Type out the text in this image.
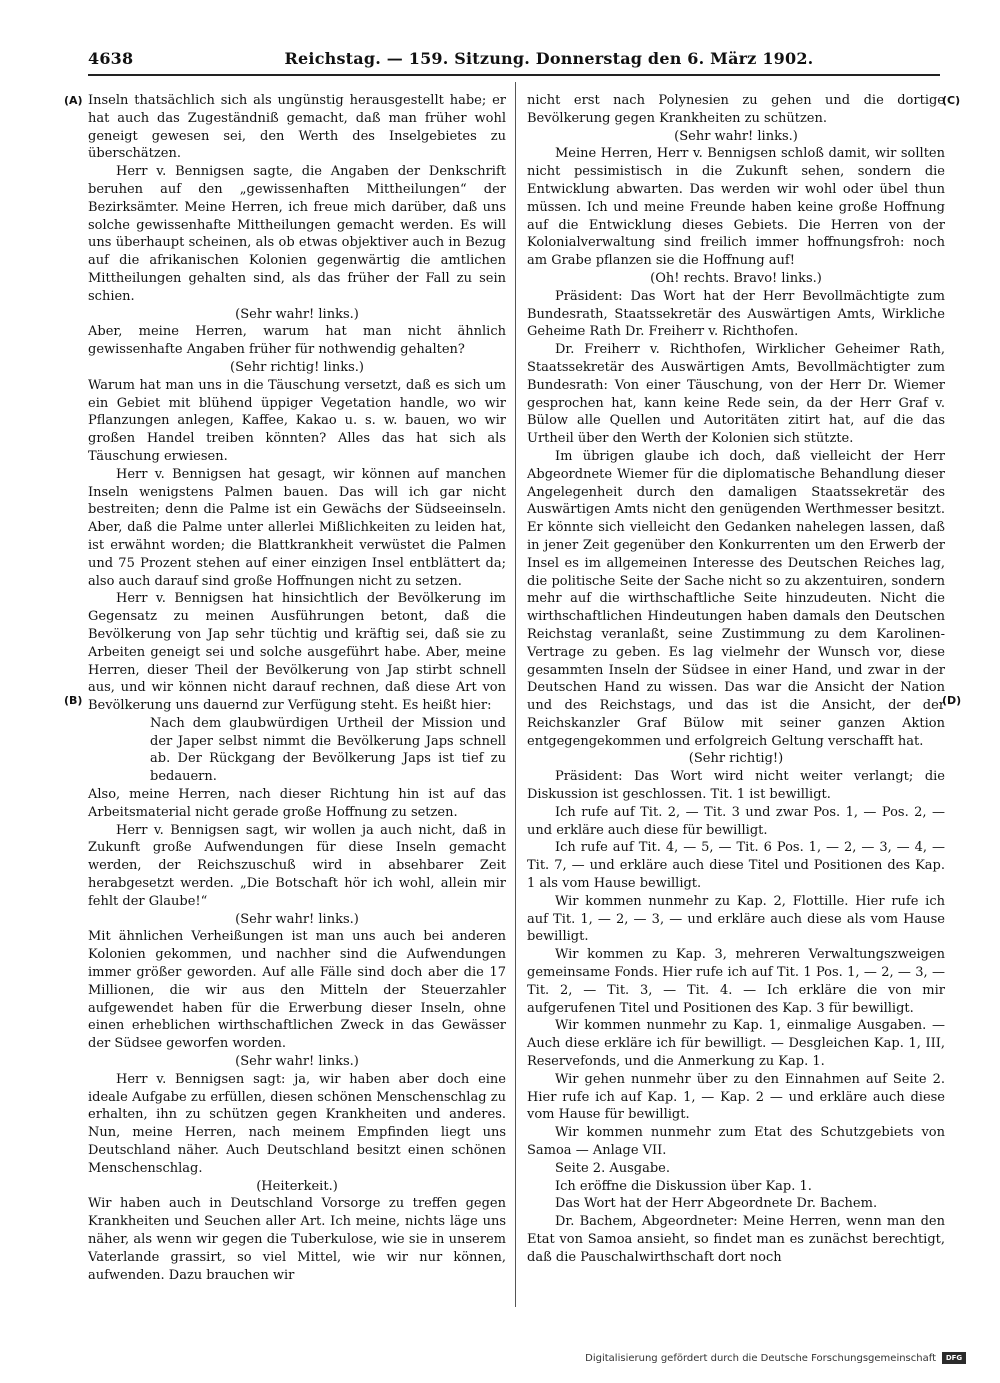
4638	Reichstag. — 159. Sitzung. Donnerstag den 6. März 1902.
(A)
(B)
(C)
(D)

Inseln thatsächlich sich als ungünstig herausgestellt habe; er hat auch das Zugeständniß gemacht, daß man früher wohl geneigt gewesen sei, den Werth des Inselgebietes zu überschätzen.

Herr v. Bennigsen sagte, die Angaben der Denkschrift beruhen auf den „gewissenhaften Mittheilungen“ der Bezirksämter. Meine Herren, ich freue mich darüber, daß uns solche gewissenhafte Mittheilungen gemacht werden. Es will uns überhaupt scheinen, als ob etwas objektiver auch in Bezug auf die afrikanischen Kolonien gegenwärtig die amtlichen Mittheilungen gehalten sind, als das früher der Fall zu sein schien.

(Sehr wahr! links.)

Aber, meine Herren, warum hat man nicht ähnlich gewissenhafte Angaben früher für nothwendig gehalten?

(Sehr richtig! links.)

Warum hat man uns in die Täuschung versetzt, daß es sich um ein Gebiet mit blühend üppiger Vegetation handle, wo wir Pflanzungen anlegen, Kaffee, Kakao u. s. w. bauen, wo wir großen Handel treiben könnten? Alles das hat sich als Täuschung erwiesen.

Herr v. Bennigsen hat gesagt, wir können auf manchen Inseln wenigstens Palmen bauen. Das will ich gar nicht bestreiten; denn die Palme ist ein Gewächs der Südseeinseln. Aber, daß die Palme unter allerlei Mißlichkeiten zu leiden hat, ist erwähnt worden; die Blattkrankheit verwüstet die Palmen und 75 Prozent stehen auf einer einzigen Insel entblättert da; also auch darauf sind große Hoffnungen nicht zu setzen.

Herr v. Bennigsen hat hinsichtlich der Bevölkerung im Gegensatz zu meinen Ausführungen betont, daß die Bevölkerung von Jap sehr tüchtig und kräftig sei, daß sie zu Arbeiten geneigt sei und solche ausgeführt habe. Aber, meine Herren, dieser Theil der Bevölkerung von Jap stirbt schnell aus, und wir können nicht darauf rechnen, daß diese Art von Bevölkerung uns dauernd zur Verfügung steht. Es heißt hier:

Nach dem glaubwürdigen Urtheil der Mission und der Japer selbst nimmt die Bevölkerung Japs schnell ab. Der Rückgang der Bevölkerung Japs ist tief zu bedauern.

Also, meine Herren, nach dieser Richtung hin ist auf das Arbeitsmaterial nicht gerade große Hoffnung zu setzen.

Herr v. Bennigsen sagt, wir wollen ja auch nicht, daß in Zukunft große Aufwendungen für diese Inseln gemacht werden, der Reichszuschuß wird in absehbarer Zeit herabgesetzt werden. „Die Botschaft hör ich wohl, allein mir fehlt der Glaube!“

(Sehr wahr! links.)

Mit ähnlichen Verheißungen ist man uns auch bei anderen Kolonien gekommen, und nachher sind die Aufwendungen immer größer geworden. Auf alle Fälle sind doch aber die 17 Millionen, die wir aus den Mitteln der Steuerzahler aufgewendet haben für die Erwerbung dieser Inseln, ohne einen erheblichen wirthschaftlichen Zweck in das Gewässer der Südsee geworfen worden.

(Sehr wahr! links.)

Herr v. Bennigsen sagt: ja, wir haben aber doch eine ideale Aufgabe zu erfüllen, diesen schönen Menschenschlag zu erhalten, ihn zu schützen gegen Krankheiten und anderes. Nun, meine Herren, nach meinem Empfinden liegt uns Deutschland näher. Auch Deutschland besitzt einen schönen Menschenschlag.

(Heiterkeit.)

Wir haben auch in Deutschland Vorsorge zu treffen gegen Krankheiten und Seuchen aller Art. Ich meine, nichts läge uns näher, als wenn wir gegen die Tuberkulose, wie sie in unserem Vaterlande grassirt, so viel Mittel, wie wir nur können, aufwenden. Dazu brauchen wir

nicht erst nach Polynesien zu gehen und die dortige Bevölkerung gegen Krankheiten zu schützen.

(Sehr wahr! links.)

Meine Herren, Herr v. Bennigsen schloß damit, wir sollten nicht pessimistisch in die Zukunft sehen, sondern die Entwicklung abwarten. Das werden wir wohl oder übel thun müssen. Ich und meine Freunde haben keine große Hoffnung auf die Entwicklung dieses Gebiets. Die Herren von der Kolonialverwaltung sind freilich immer hoffnungsfroh: noch am Grabe pflanzen sie die Hoffnung auf!

(Oh! rechts. Bravo! links.)

Präsident: Das Wort hat der Herr Bevollmächtigte zum Bundesrath, Staatssekretär des Auswärtigen Amts, Wirkliche Geheime Rath Dr. Freiherr v. Richthofen.

Dr. Freiherr v. Richthofen, Wirklicher Geheimer Rath, Staatssekretär des Auswärtigen Amts, Bevollmächtigter zum Bundesrath: Von einer Täuschung, von der Herr Dr. Wiemer gesprochen hat, kann keine Rede sein, da der Herr Graf v. Bülow alle Quellen und Autoritäten zitirt hat, auf die das Urtheil über den Werth der Kolonien sich stützte.

Im übrigen glaube ich doch, daß vielleicht der Herr Abgeordnete Wiemer für die diplomatische Behandlung dieser Angelegenheit durch den damaligen Staatssekretär des Auswärtigen Amts nicht den genügenden Werthmesser besitzt. Er könnte sich vielleicht den Gedanken nahelegen lassen, daß in jener Zeit gegenüber den Konkurrenten um den Erwerb der Insel es im allgemeinen Interesse des Deutschen Reiches lag, die politische Seite der Sache nicht so zu akzentuiren, sondern mehr auf die wirthschaftliche Seite hinzudeuten. Nicht die wirthschaftlichen Hindeutungen haben damals den Deutschen Reichstag veranlaßt, seine Zustimmung zu dem Karolinen-Vertrage zu geben. Es lag vielmehr der Wunsch vor, diese gesammten Inseln der Südsee in einer Hand, und zwar in der Deutschen Hand zu wissen. Das war die Ansicht der Nation und des Reichstags, und das ist die Ansicht, der der Reichskanzler Graf Bülow mit seiner ganzen Aktion entgegengekommen und erfolgreich Geltung verschafft hat.

(Sehr richtig!)

Präsident: Das Wort wird nicht weiter verlangt; die Diskussion ist geschlossen. Tit. 1 ist bewilligt.

Ich rufe auf Tit. 2, — Tit. 3 und zwar Pos. 1, — Pos. 2, — und erkläre auch diese für bewilligt.

Ich rufe auf Tit. 4, — 5, — Tit. 6 Pos. 1, — 2, — 3, — 4, — Tit. 7, — und erkläre auch diese Titel und Positionen des Kap. 1 als vom Hause bewilligt.

Wir kommen nunmehr zu Kap. 2, Flottille. Hier rufe ich auf Tit. 1, — 2, — 3, — und erkläre auch diese als vom Hause bewilligt.

Wir kommen zu Kap. 3, mehreren Verwaltungszweigen gemeinsame Fonds. Hier rufe ich auf Tit. 1 Pos. 1, — 2, — 3, — Tit. 2, — Tit. 3, — Tit. 4. — Ich erkläre die von mir aufgerufenen Titel und Positionen des Kap. 3 für bewilligt.

Wir kommen nunmehr zu Kap. 1, einmalige Ausgaben. — Auch diese erkläre ich für bewilligt. — Desgleichen Kap. 1, III, Reservefonds, und die Anmerkung zu Kap. 1.

Wir gehen nunmehr über zu den Einnahmen auf Seite 2. Hier rufe ich auf Kap. 1, — Kap. 2 — und erkläre auch diese vom Hause für bewilligt.

Wir kommen nunmehr zum Etat des Schutzgebiets von Samoa — Anlage VII.

Seite 2. Ausgabe.

Ich eröffne die Diskussion über Kap. 1.

Das Wort hat der Herr Abgeordnete Dr. Bachem.

Dr. Bachem, Abgeordneter: Meine Herren, wenn man den Etat von Samoa ansieht, so findet man es zunächst berechtigt, daß die Pauschalwirthschaft dort noch

Digitalisierung gefördert durch die Deutsche Forschungsgemeinschaft	DFG
